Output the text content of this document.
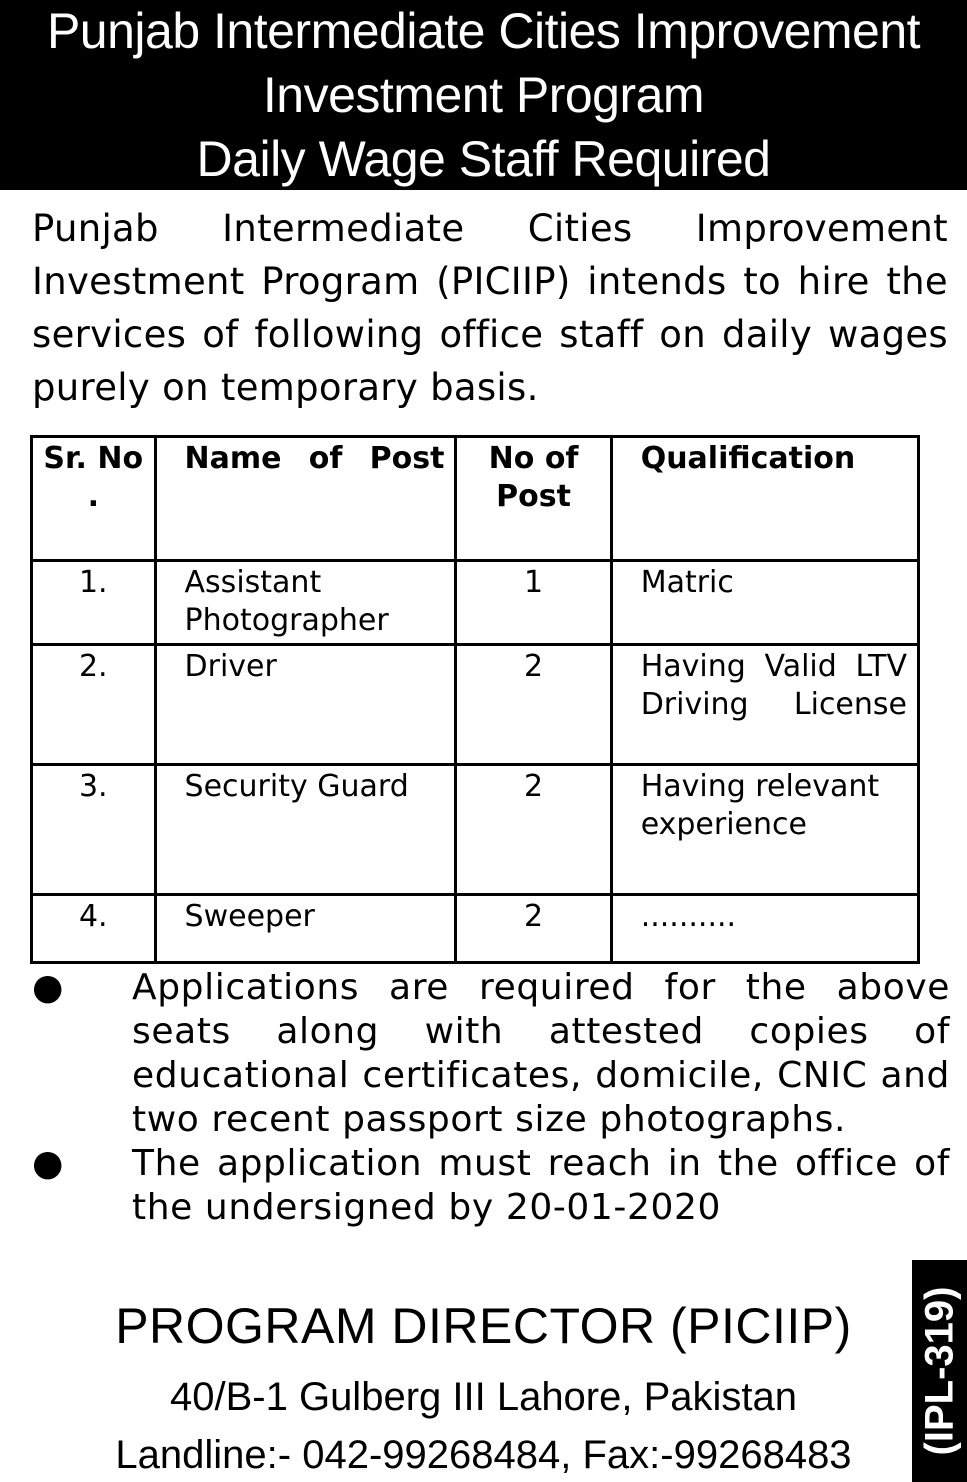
Punjab Intermediate Cities Improvement
Investment Program
Daily Wage Staff Required
Punjab Intermediate Cities Improvement Investment Program (PICIIP) intends to hire the services of following office staff on daily wages purely on temporary basis.
Sr. No .	Name of Post	No of Post	Qualification
1.	Assistant Photographer	1	Matric
2.	Driver	2	Having Valid LTV Driving License
3.	Security Guard	2	Having relevant experience
4.	Sweeper	2	..........
● Applications are required for the above seats along with attested copies of educational certificates, domicile, CNIC and two recent passport size photographs.
● The application must reach in the office of the undersigned by 20-01-2020
PROGRAM DIRECTOR (PICIIP)
40/B-1 Gulberg III Lahore, Pakistan
Landline:- 042-99268484, Fax:-99268483	(IPL-319)
